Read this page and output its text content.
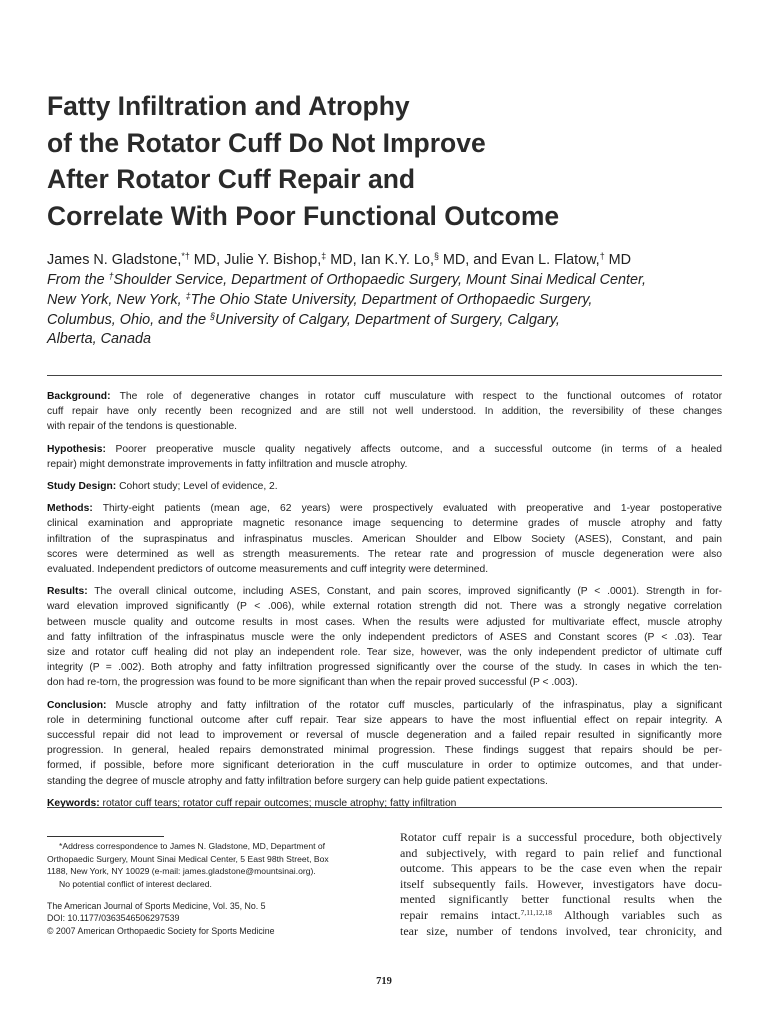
Fatty Infiltration and Atrophy
of the Rotator Cuff Do Not Improve
After Rotator Cuff Repair and
Correlate With Poor Functional Outcome
James N. Gladstone,*† MD, Julie Y. Bishop,‡ MD, Ian K.Y. Lo,§ MD, and Evan L. Flatow,† MD
From the †Shoulder Service, Department of Orthopaedic Surgery, Mount Sinai Medical Center,
New York, New York, ‡The Ohio State University, Department of Orthopaedic Surgery,
Columbus, Ohio, and the §University of Calgary, Department of Surgery, Calgary,
Alberta, Canada

Background: The role of degenerative changes in rotator cuff musculature with respect to the functional outcomes of rotator
cuff repair have only recently been recognized and are still not well understood. In addition, the reversibility of these changes
with repair of the tendons is questionable.

Hypothesis: Poorer preoperative muscle quality negatively affects outcome, and a successful outcome (in terms of a healed
repair) might demonstrate improvements in fatty infiltration and muscle atrophy.

Study Design: Cohort study; Level of evidence, 2.

Methods: Thirty-eight patients (mean age, 62 years) were prospectively evaluated with preoperative and 1-year postoperative
clinical examination and appropriate magnetic resonance image sequencing to determine grades of muscle atrophy and fatty
infiltration of the supraspinatus and infraspinatus muscles. American Shoulder and Elbow Society (ASES), Constant, and pain
scores were determined as well as strength measurements. The retear rate and progression of muscle degeneration were also
evaluated. Independent predictors of outcome measurements and cuff integrity were determined.

Results: The overall clinical outcome, including ASES, Constant, and pain scores, improved significantly (P < .0001). Strength in for-
ward elevation improved significantly (P < .006), while external rotation strength did not. There was a strongly negative correlation
between muscle quality and outcome results in most cases. When the results were adjusted for multivariate effect, muscle atrophy
and fatty infiltration of the infraspinatus muscle were the only independent predictors of ASES and Constant scores (P < .03). Tear
size and rotator cuff healing did not play an independent role. Tear size, however, was the only independent predictor of ultimate cuff
integrity (P = .002). Both atrophy and fatty infiltration progressed significantly over the course of the study. In cases in which the ten-
don had re-torn, the progression was found to be more significant than when the repair proved successful (P < .003).

Conclusion: Muscle atrophy and fatty infiltration of the rotator cuff muscles, particularly of the infraspinatus, play a significant
role in determining functional outcome after cuff repair. Tear size appears to have the most influential effect on repair integrity. A
successful repair did not lead to improvement or reversal of muscle degeneration and a failed repair resulted in significantly more
progression. In general, healed repairs demonstrated minimal progression. These findings suggest that repairs should be per-
formed, if possible, before more significant deterioration in the cuff musculature in order to optimize outcomes, and that under-
standing the degree of muscle atrophy and fatty infiltration before surgery can help guide patient expectations.

Keywords: rotator cuff tears; rotator cuff repair outcomes; muscle atrophy; fatty infiltration

*Address correspondence to James N. Gladstone, MD, Department of
Orthopaedic Surgery, Mount Sinai Medical Center, 5 East 98th Street, Box
1188, New York, NY 10029 (e-mail: james.gladstone@mountsinai.org).
No potential conflict of interest declared.
The American Journal of Sports Medicine, Vol. 35, No. 5
DOI: 10.1177/0363546506297539
© 2007 American Orthopaedic Society for Sports Medicine
Rotator cuff repair is a successful procedure, both objectively
and subjectively, with regard to pain relief and functional
outcome. This appears to be the case even when the repair
itself subsequently fails. However, investigators have docu-
mented significantly better functional results when the
repair remains intact.$^{7,11,12,18}$ Although variables such as
tear size, number of tendons involved, tear chronicity, and
719
